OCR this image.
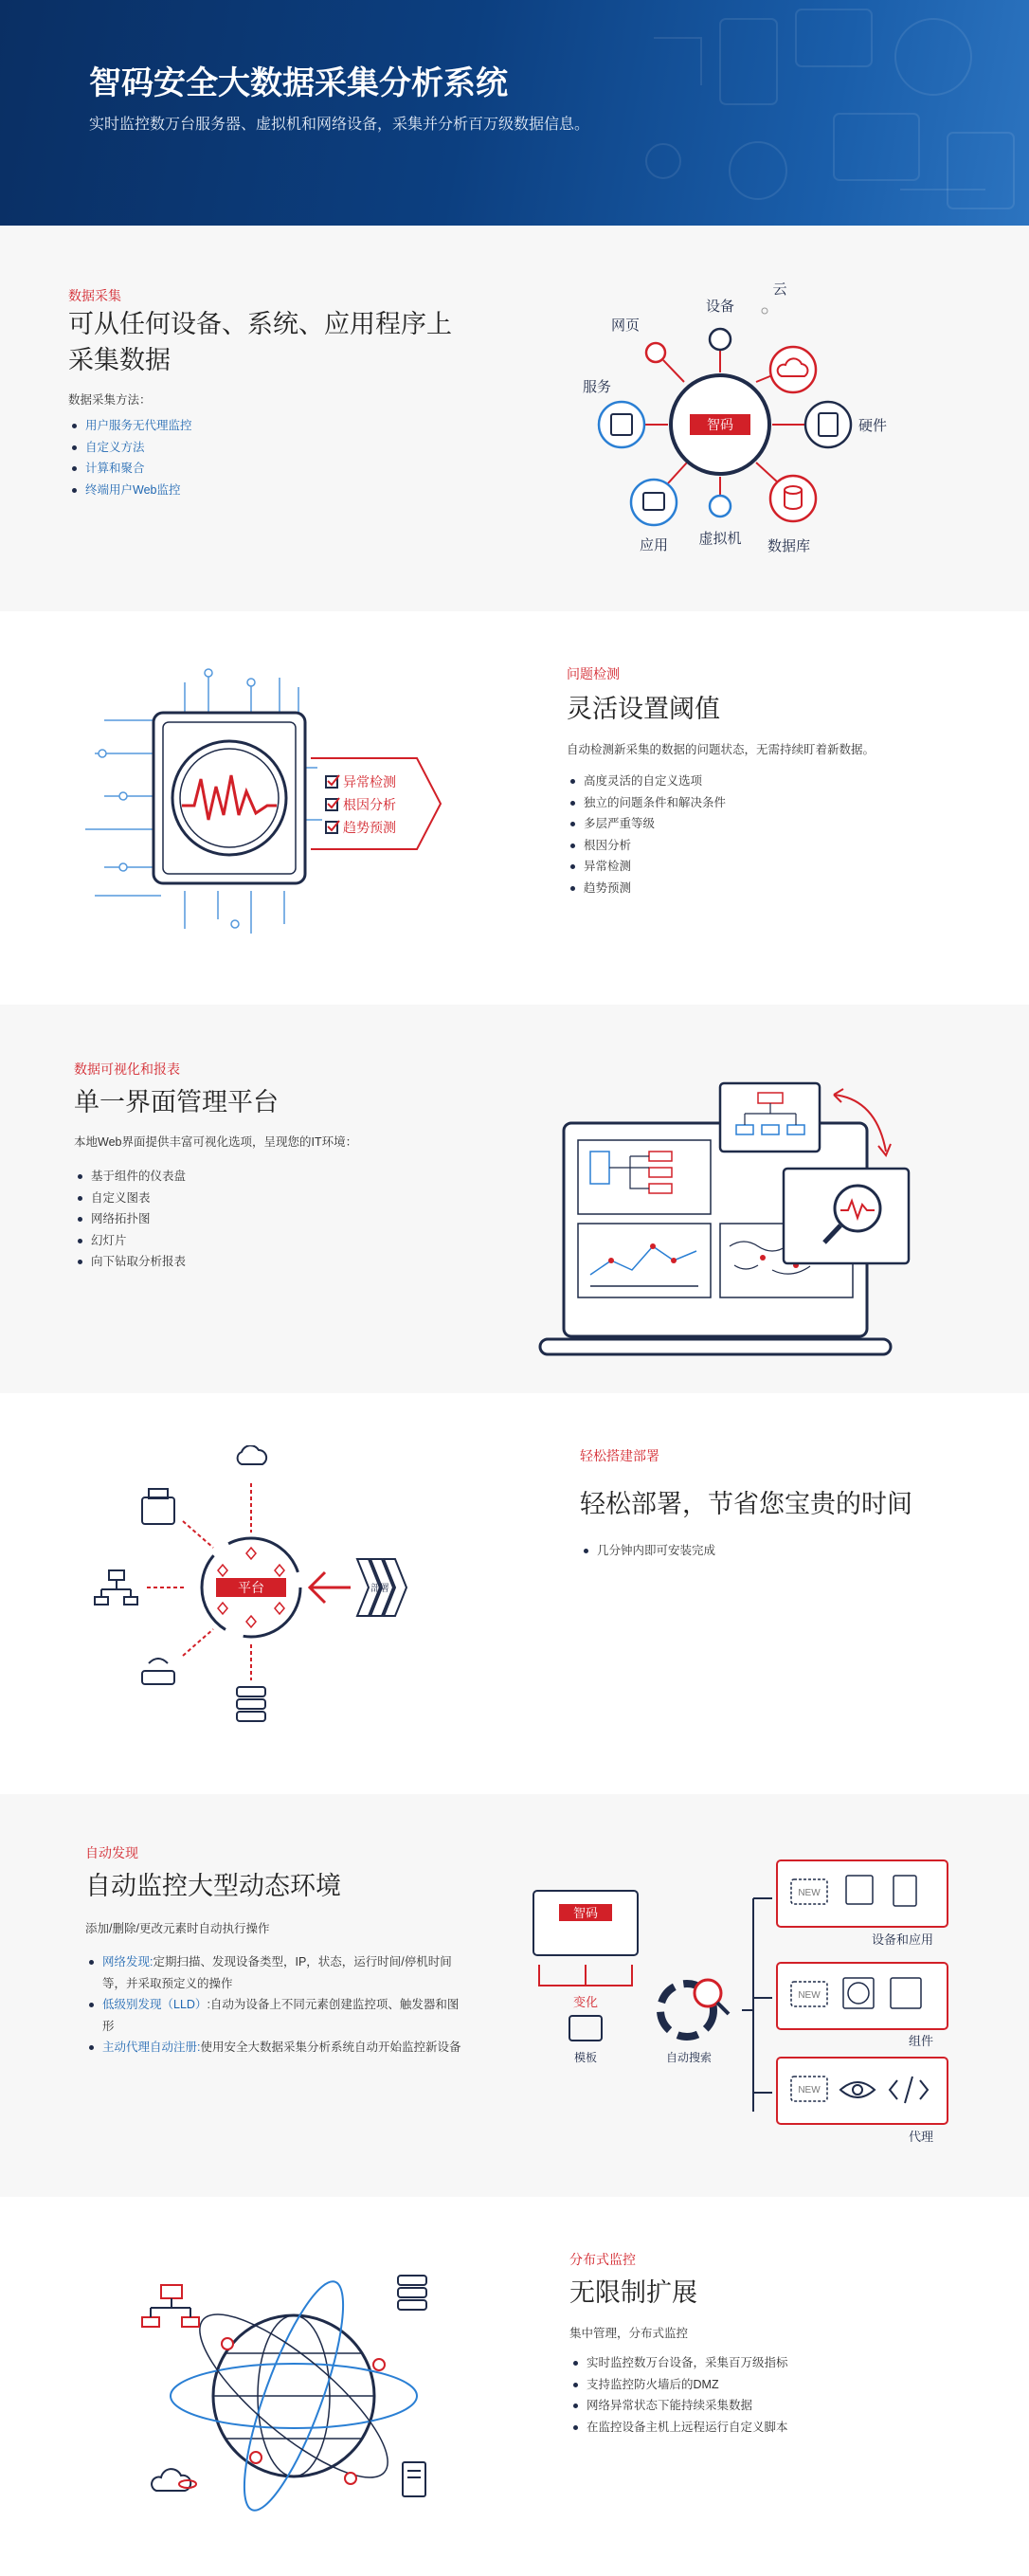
智码安全大数据采集分析系统
实时监控数万台服务器、虚拟机和网络设备，采集并分析百万级数据信息。
数据采集
可从任何设备、系统、应用程序上采集数据
数据采集方法：
用户服务无代理监控
自定义方法
计算和聚合
终端用户Web监控
智码
设备
云
网页
服务
硬件
应用 虚拟机 数据库
异常检测
根因分析
趋势预测
问题检测
灵活设置阈值
自动检测新采集的数据的问题状态，无需持续盯着新数据。
高度灵活的自定义选项
独立的问题条件和解决条件
多层严重等级
根因分析
异常检测
趋势预测
数据可视化和报表
单一界面管理平台
本地Web界面提供丰富可视化选项，呈现您的IT环境：
基于组件的仪表盘
自定义图表
网络拓扑图
幻灯片
向下钻取分析报表
平台	部署
轻松搭建部署
轻松部署，节省您宝贵的时间
几分钟内即可安装完成
自动发现
自动监控大型动态环境
添加/删除/更改元素时自动执行操作
网络发现:定期扫描、发现设备类型，IP，状态，运行时间/停机时间等，并采取预定义的操作
低级别发现（LLD）:自动为设备上不同元素创建监控项、触发器和图形
主动代理自动注册:使用安全大数据采集分析系统自动开始监控新设备
智码
变化
模板	自动搜索
NEW
设备和应用
NEW
组件
NEW
代理
分布式监控
无限制扩展
集中管理，分布式监控
实时监控数万台设备，采集百万级指标
支持监控防火墙后的DMZ
网络异常状态下能持续采集数据
在监控设备主机上远程运行自定义脚本
